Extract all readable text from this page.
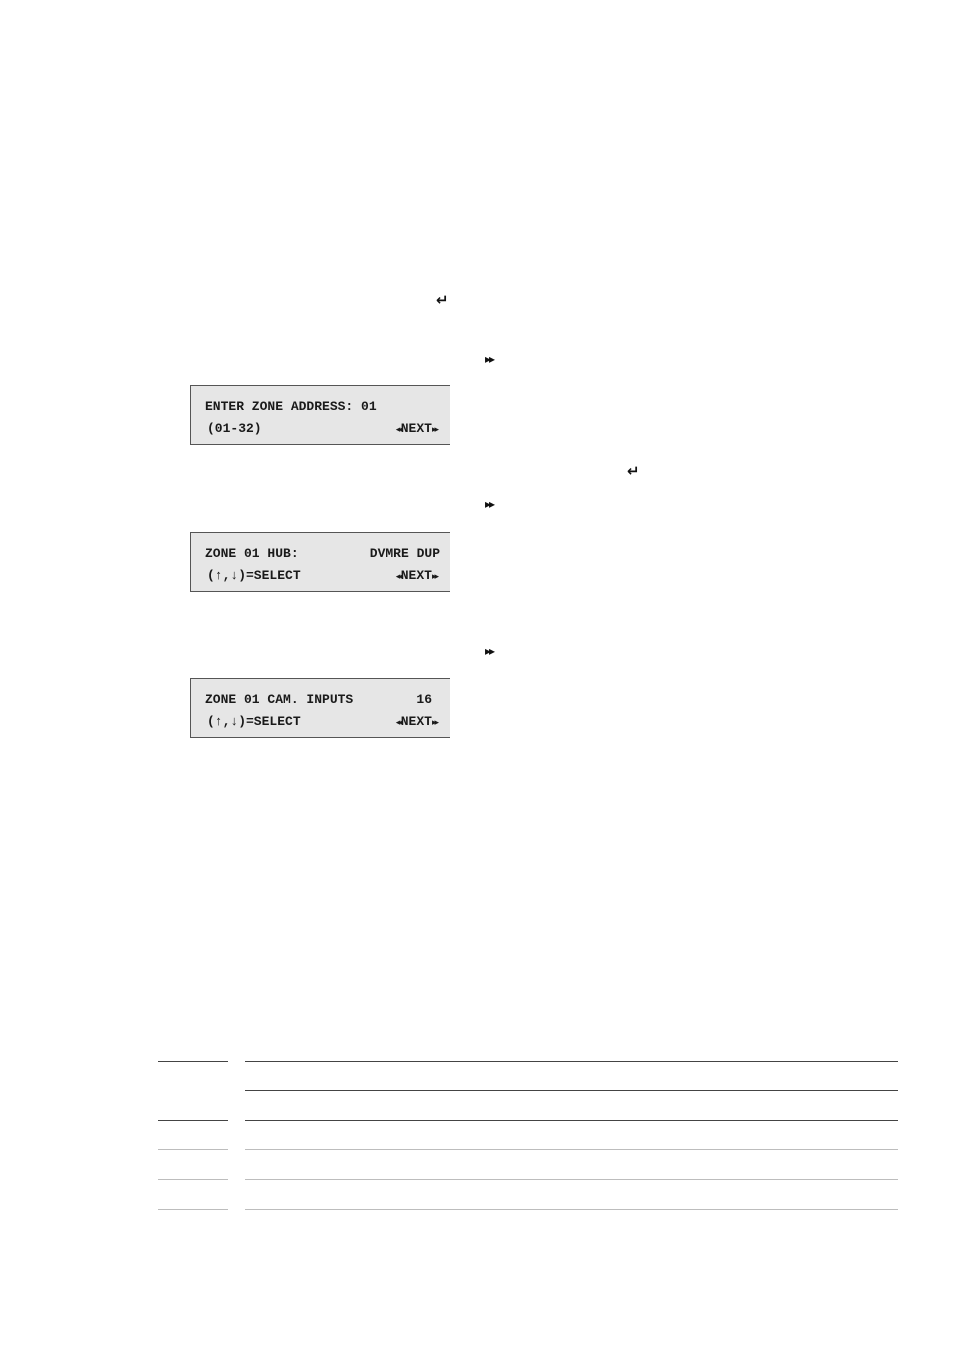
↵
▸▸
ENTER ZONE ADDRESS: 01
(01-32)	◂◂NEXT▸▸
↵
▸▸
ZONE 01 HUB:	DVMRE DUP
(↑,↓)=SELECT	◂◂NEXT▸▸
▸▸
ZONE 01 CAM. INPUTS	16
(↑,↓)=SELECT	◂◂NEXT▸▸
